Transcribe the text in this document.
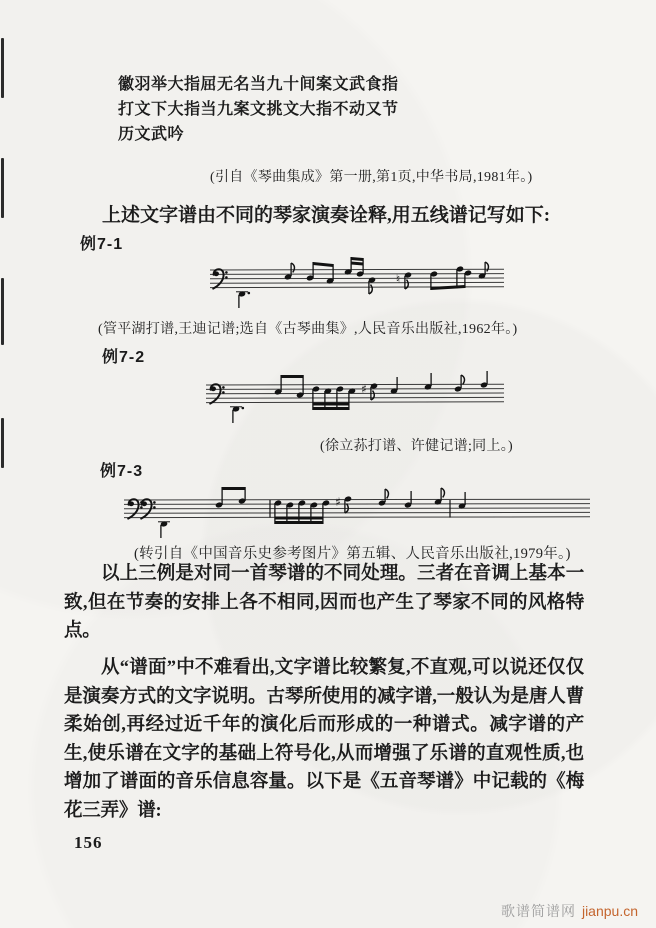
徽羽举大指屈无名当九十间案文武食指
打文下大指当九案文挑文大指不动又节
历文武吟
(引自《琴曲集成》第一册,第1页,中华书局,1981年。)
上述文字谱由不同的琴家演奏诠释,用五线谱记写如下:
例7-1
♮
(管平湖打谱,王迪记谱;选自《古琴曲集》,人民音乐出版社,1962年。)
例7-2
♯
(徐立荪打谱、许健记谱;同上。)
例7-3
♯
(转引自《中国音乐史参考图片》第五辑、人民音乐出版社,1979年。)
以上三例是对同一首琴谱的不同处理。三者在音调上基本一致,但在节奏的安排上各不相同,因而也产生了琴家不同的风格特点。
从“谱面”中不难看出,文字谱比较繁复,不直观,可以说还仅仅是演奏方式的文字说明。古琴所使用的减字谱,一般认为是唐人曹柔始创,再经过近千年的演化后而形成的一种谱式。减字谱的产生,使乐谱在文字的基础上符号化,从而增强了乐谱的直观性质,也增加了谱面的音乐信息容量。以下是《五音琴谱》中记载的《梅花三弄》谱:
156
歌谱简谱网 jianpu.cn
